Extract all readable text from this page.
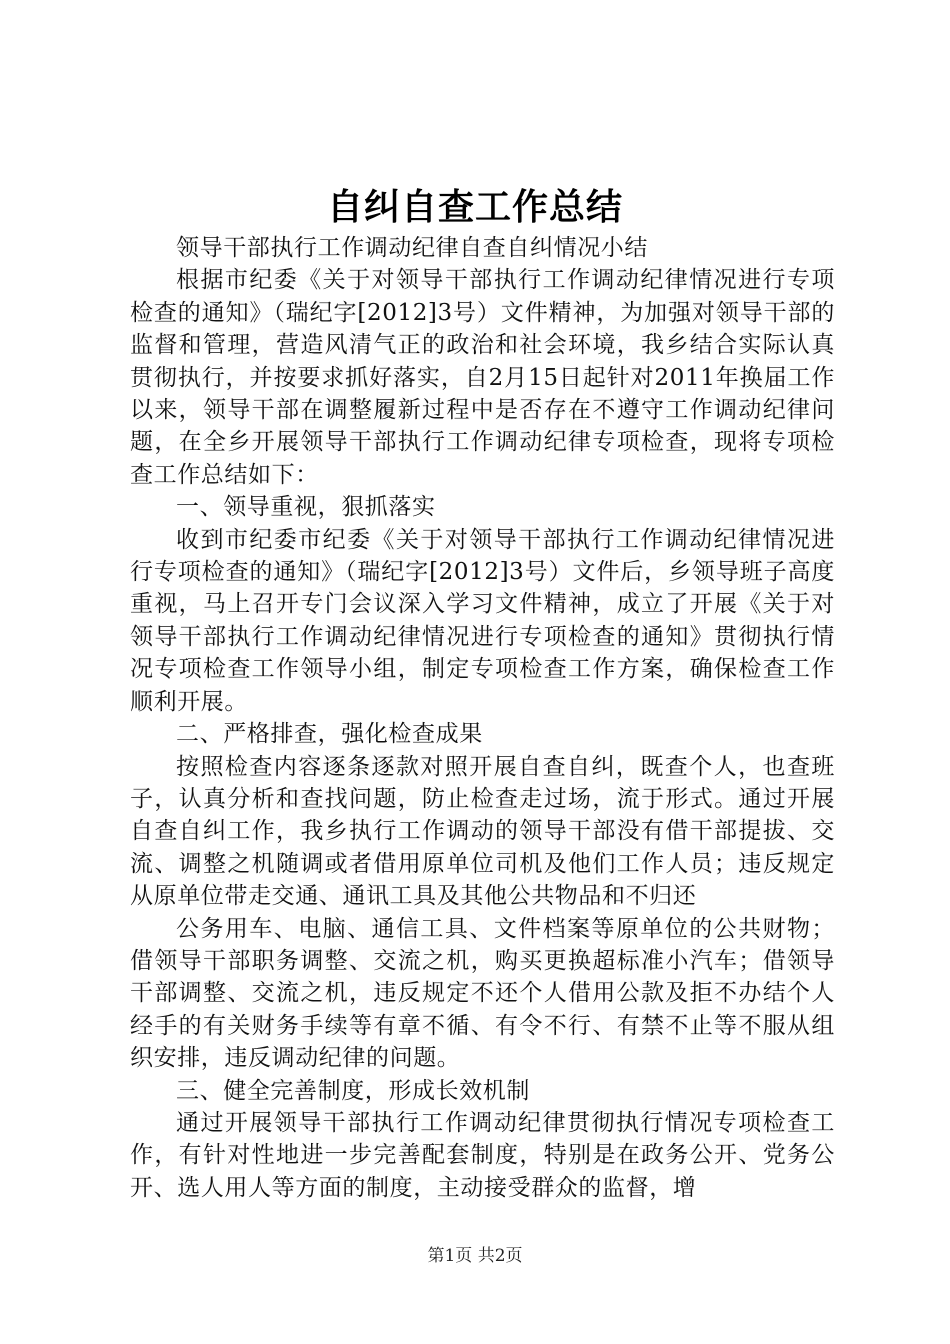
自纠自查工作总结

领导干部执行工作调动纪律自查自纠情况小结

根据市纪委《关于对领导干部执行工作调动纪律情况进行专项检查的通知》（瑞纪字[2012]3号）文件精神，为加强对领导干部的监督和管理，营造风清气正的政治和社会环境，我乡结合实际认真贯彻执行，并按要求抓好落实，自2月15日起针对2011年换届工作以来，领导干部在调整履新过程中是否存在不遵守工作调动纪律问题，在全乡开展领导干部执行工作调动纪律专项检查，现将专项检查工作总结如下：

一、领导重视，狠抓落实

收到市纪委市纪委《关于对领导干部执行工作调动纪律情况进行专项检查的通知》（瑞纪字[2012]3号）文件后，乡领导班子高度重视，马上召开专门会议深入学习文件精神，成立了开展《关于对领导干部执行工作调动纪律情况进行专项检查的通知》贯彻执行情况专项检查工作领导小组，制定专项检查工作方案，确保检查工作顺利开展。

二、严格排查，强化检查成果

按照检查内容逐条逐款对照开展自查自纠，既查个人，也查班子，认真分析和查找问题，防止检查走过场，流于形式。通过开展自查自纠工作，我乡执行工作调动的领导干部没有借干部提拔、交流、调整之机随调或者借用原单位司机及他们工作人员；违反规定从原单位带走交通、通讯工具及其他公共物品和不归还

公务用车、电脑、通信工具、文件档案等原单位的公共财物；借领导干部职务调整、交流之机，购买更换超标准小汽车；借领导干部调整、交流之机，违反规定不还个人借用公款及拒不办结个人经手的有关财务手续等有章不循、有令不行、有禁不止等不服从组织安排，违反调动纪律的问题。

三、健全完善制度，形成长效机制

通过开展领导干部执行工作调动纪律贯彻执行情况专项检查工作，有针对性地进一步完善配套制度，特别是在政务公开、党务公开、选人用人等方面的制度，主动接受群众的监督，增

第1页 共2页
